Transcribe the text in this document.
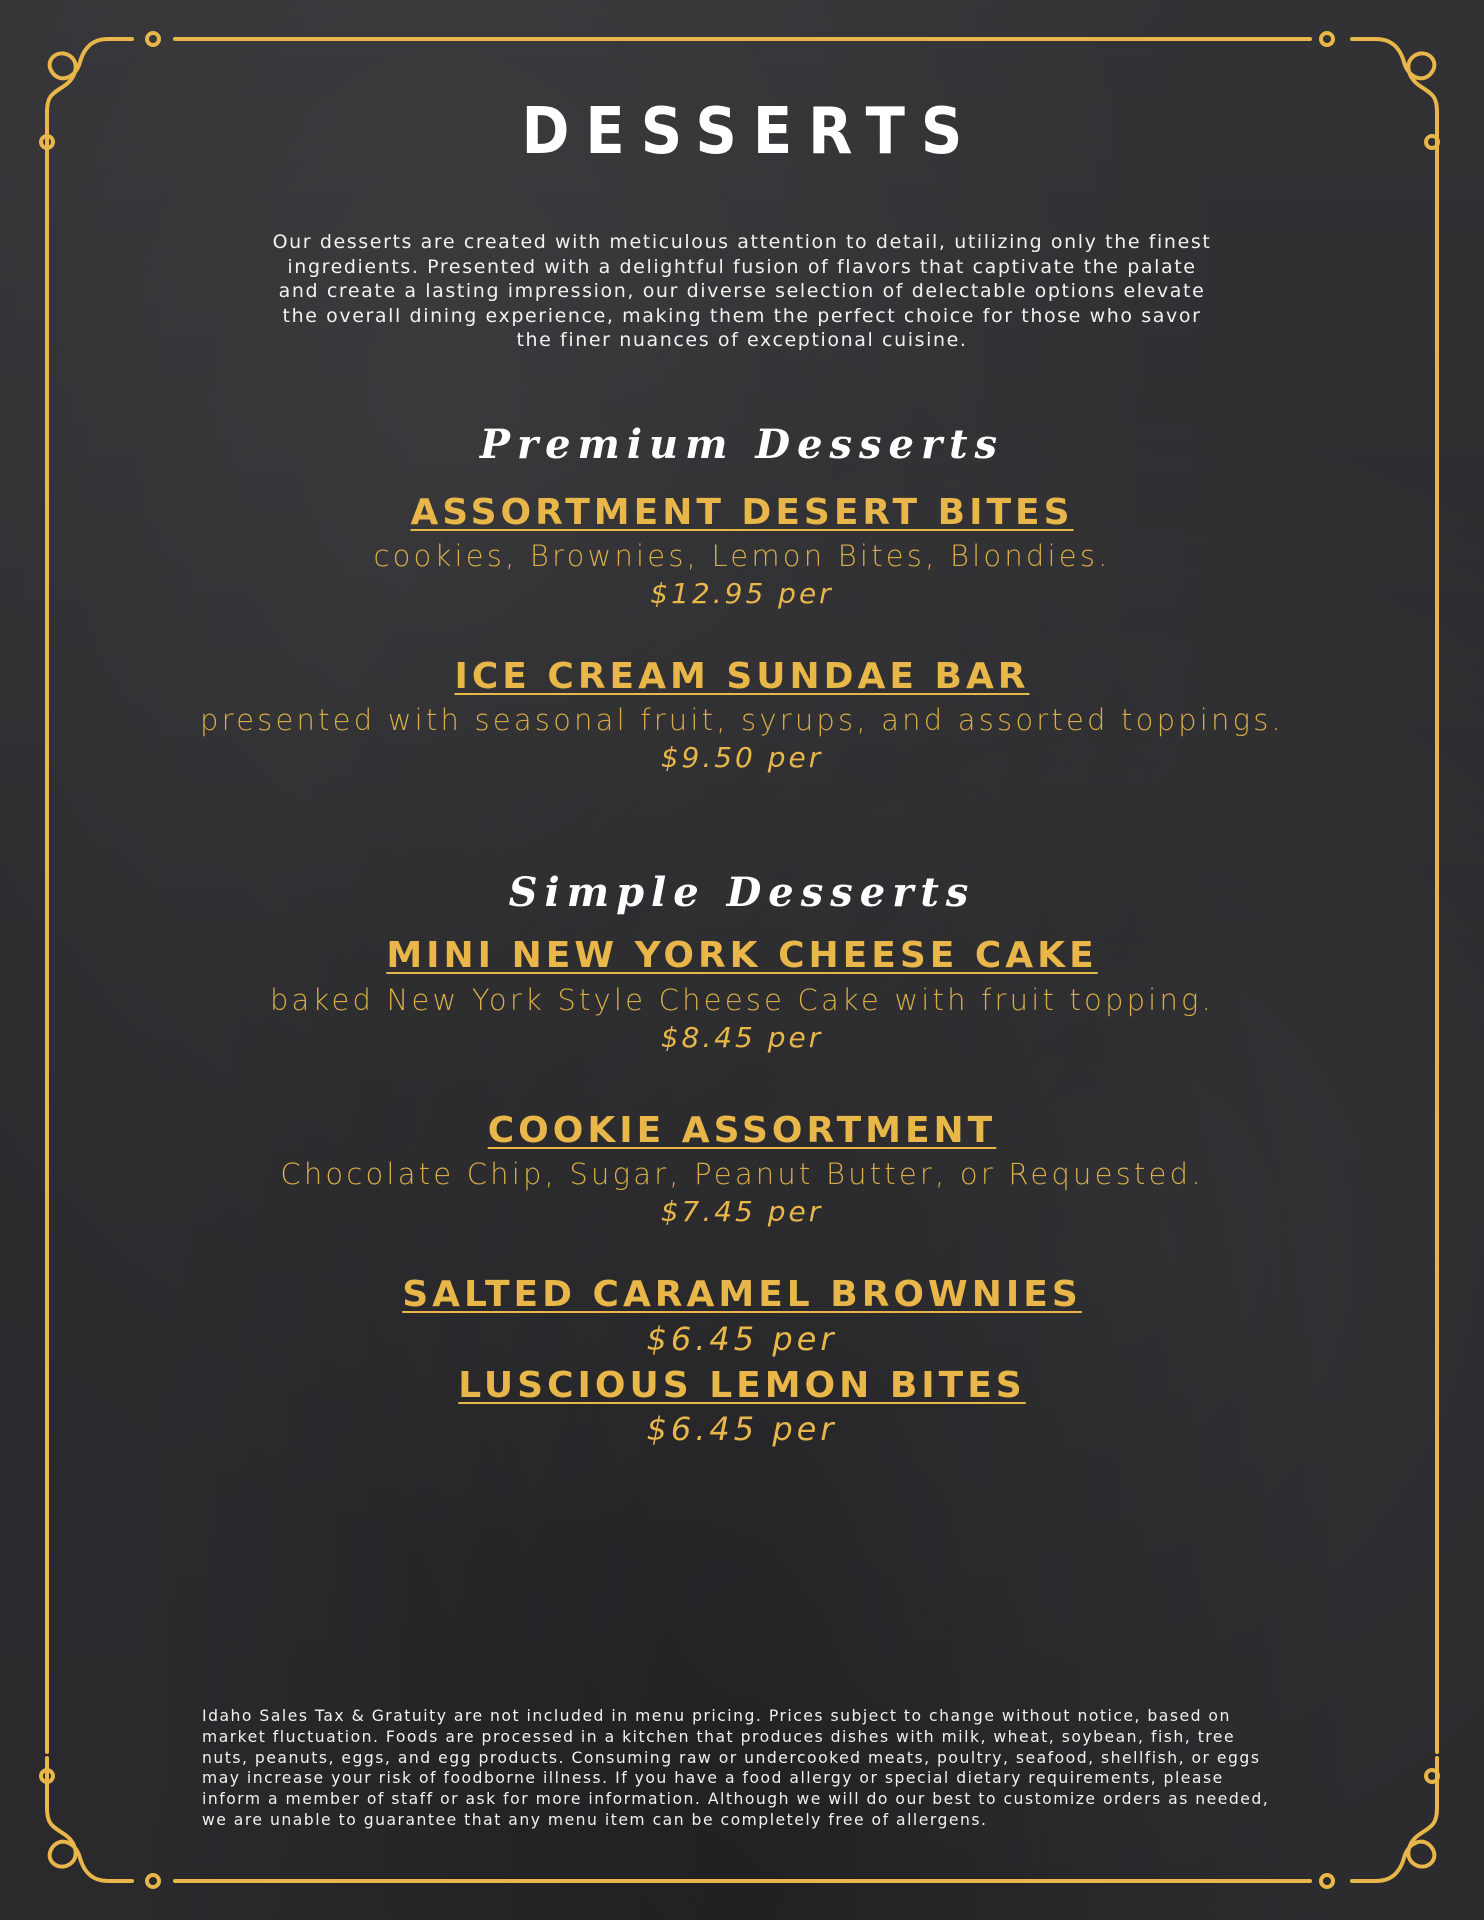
DESSERTS

Our desserts are created with meticulous attention to detail, utilizing only the finest ingredients. Presented with a delightful fusion of flavors that captivate the palate and create a lasting impression, our diverse selection of delectable options elevate the overall dining experience, making them the perfect choice for those who savor the finer nuances of exceptional cuisine.

Premium Desserts
ASSORTMENT DESERT BITES
cookies, Brownies, Lemon Bites, Blondies.
$12.95 per
ICE CREAM SUNDAE BAR
presented with seasonal fruit, syrups, and assorted toppings.
$9.50 per
Simple Desserts
MINI NEW YORK CHEESE CAKE
baked New York Style Cheese Cake with fruit topping.
$8.45 per
COOKIE ASSORTMENT
Chocolate Chip, Sugar, Peanut Butter, or Requested.
$7.45 per
SALTED CARAMEL BROWNIES
$6.45 per
LUSCIOUS LEMON BITES
$6.45 per

Idaho Sales Tax & Gratuity are not included in menu pricing. Prices subject to change without notice, based on market fluctuation. Foods are processed in a kitchen that produces dishes with milk, wheat, soybean, fish, tree nuts, peanuts, eggs, and egg products. Consuming raw or undercooked meats, poultry, seafood, shellfish, or eggs may increase your risk of foodborne illness. If you have a food allergy or special dietary requirements, please inform a member of staff or ask for more information. Although we will do our best to customize orders as needed, we are unable to guarantee that any menu item can be completely free of allergens.
